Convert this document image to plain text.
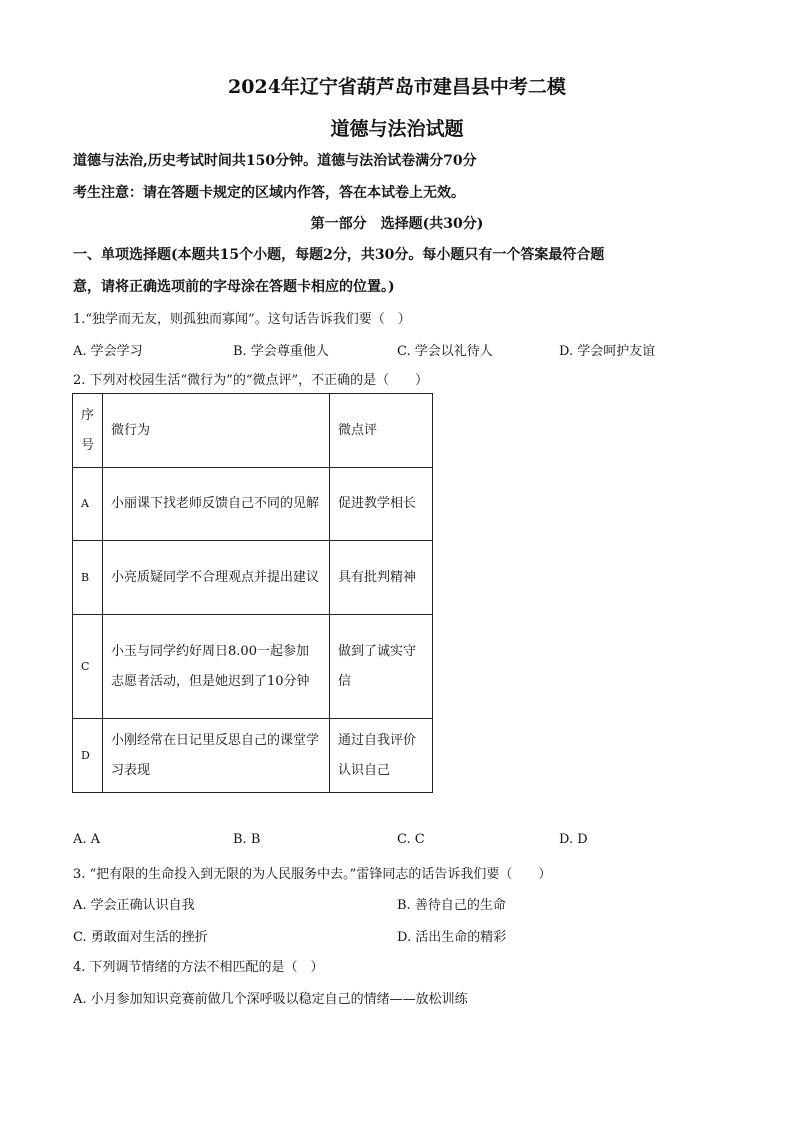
2024年辽宁省葫芦岛市建昌县中考二模
道德与法治试题
道德与法治,历史考试时间共150分钟。道德与法治试卷满分70分
考生注意：请在答题卡规定的区域内作答，答在本试卷上无效。
第一部分　选择题(共30分)
一、单项选择题(本题共15个小题，每题2分，共30分。每小题只有一个答案最符合题
意，请将正确选项前的字母涂在答题卡相应的位置。)
1.“独学而无友，则孤独而寡闻”。这句话告诉我们要（　）
A. 学会学习	B. 学会尊重他人	C. 学会以礼待人	D. 学会呵护友谊
2. 下列对校园生活“微行为”的“微点评”，不正确的是（　　）
序号	微行为	微点评
A	小丽课下找老师反馈自己不同的见解	促进教学相长
B	小亮质疑同学不合理观点并提出建议	具有批判精神
C	小玉与同学约好周日8.00一起参加志愿者活动，但是她迟到了10分钟	做到了诚实守信
D	小刚经常在日记里反思自己的课堂学习表现	通过自我评价认识自己
A. A	B. B	C. C	D. D
3. “把有限的生命投入到无限的为人民服务中去。”雷锋同志的话告诉我们要（　　）
A. 学会正确认识自我	B. 善待自己的生命
C. 勇敢面对生活的挫折	D. 活出生命的精彩
4. 下列调节情绪的方法不相匹配的是（　）
A. 小月参加知识竞赛前做几个深呼吸以稳定自己的情绪——放松训练
